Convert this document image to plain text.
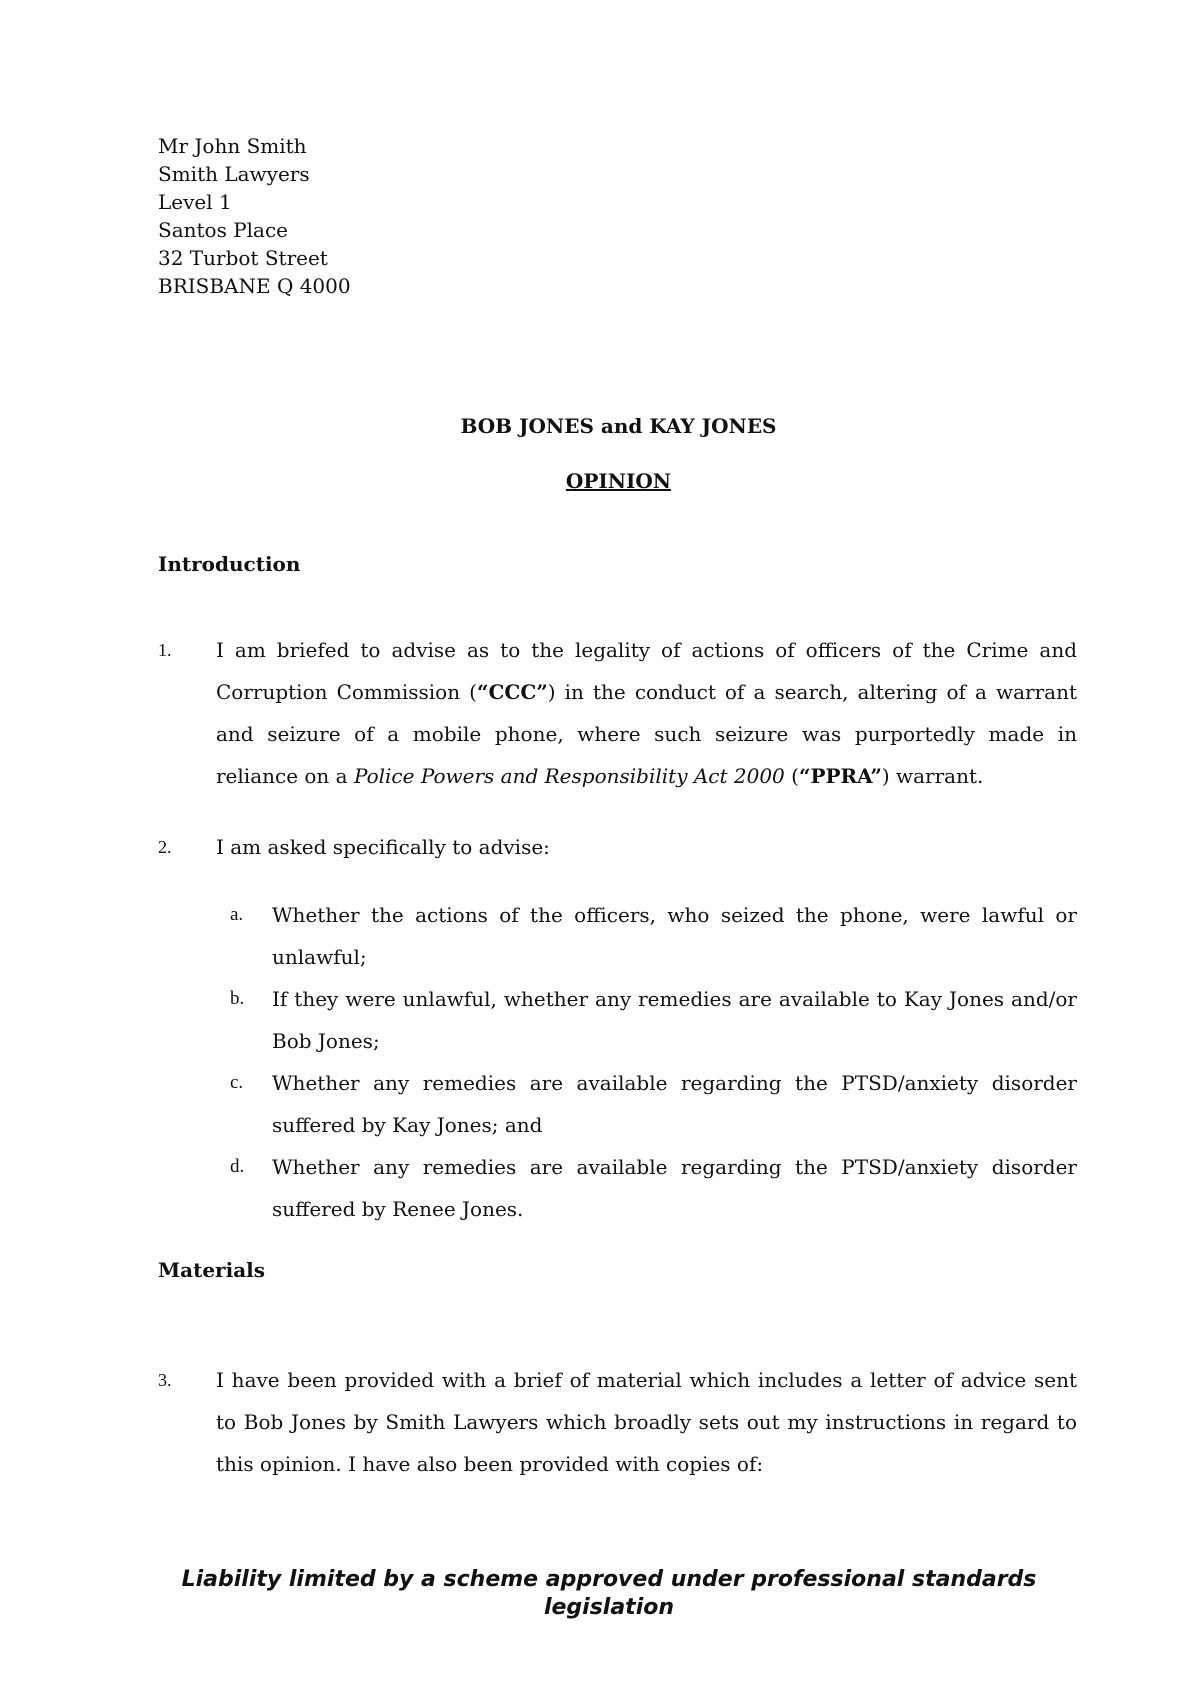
Mr John Smith
Smith Lawyers
Level 1
Santos Place
32 Turbot Street
BRISBANE Q 4000
BOB JONES and KAY JONES
OPINION
Introduction
1. I am briefed to advise as to the legality of actions of officers of the Crime and Corruption Commission (“CCC”) in the conduct of a search, altering of a warrant and seizure of a mobile phone, where such seizure was purportedly made in reliance on a Police Powers and Responsibility Act 2000 (“PPRA”) warrant.
2. I am asked specifically to advise:
a. Whether the actions of the officers, who seized the phone, were lawful or unlawful;
b. If they were unlawful, whether any remedies are available to Kay Jones and/or Bob Jones;
c. Whether any remedies are available regarding the PTSD/anxiety disorder suffered by Kay Jones; and
d. Whether any remedies are available regarding the PTSD/anxiety disorder suffered by Renee Jones.
Materials
3. I have been provided with a brief of material which includes a letter of advice sent to Bob Jones by Smith Lawyers which broadly sets out my instructions in regard to this opinion. I have also been provided with copies of:
Liability limited by a scheme approved under professional standards
legislation
